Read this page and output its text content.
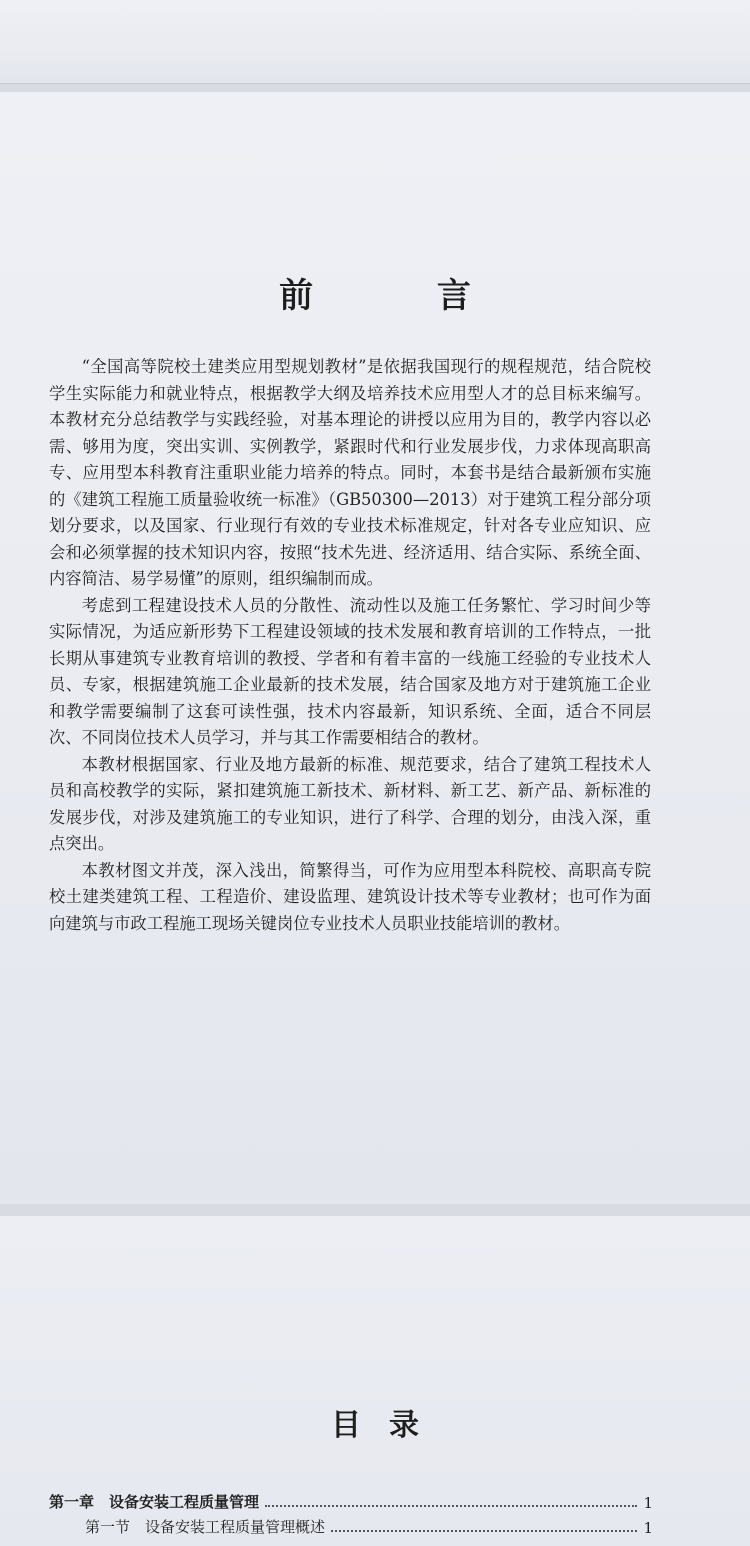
前 言

“全国高等院校土建类应用型规划教材”是依据我国现行的规程规范，结合院校学生实际能力和就业特点，根据教学大纲及培养技术应用型人才的总目标来编写。本教材充分总结教学与实践经验，对基本理论的讲授以应用为目的，教学内容以必需、够用为度，突出实训、实例教学，紧跟时代和行业发展步伐，力求体现高职高专、应用型本科教育注重职业能力培养的特点。同时，本套书是结合最新颁布实施的《建筑工程施工质量验收统一标准》（GB50300—2013）对于建筑工程分部分项划分要求，以及国家、行业现行有效的专业技术标准规定，针对各专业应知识、应会和必须掌握的技术知识内容，按照“技术先进、经济适用、结合实际、系统全面、内容简洁、易学易懂”的原则，组织编制而成。

考虑到工程建设技术人员的分散性、流动性以及施工任务繁忙、学习时间少等实际情况，为适应新形势下工程建设领域的技术发展和教育培训的工作特点，一批长期从事建筑专业教育培训的教授、学者和有着丰富的一线施工经验的专业技术人员、专家，根据建筑施工企业最新的技术发展，结合国家及地方对于建筑施工企业和教学需要编制了这套可读性强，技术内容最新，知识系统、全面，适合不同层次、不同岗位技术人员学习，并与其工作需要相结合的教材。

本教材根据国家、行业及地方最新的标准、规范要求，结合了建筑工程技术人员和高校教学的实际，紧扣建筑施工新技术、新材料、新工艺、新产品、新标准的发展步伐，对涉及建筑施工的专业知识，进行了科学、合理的划分，由浅入深，重点突出。

本教材图文并茂，深入浅出，简繁得当，可作为应用型本科院校、高职高专院校土建类建筑工程、工程造价、建设监理、建筑设计技术等专业教材；也可作为面向建筑与市政工程施工现场关键岗位专业技术人员职业技能培训的教材。

目录
第一章　设备安装工程质量管理	1
第一节　设备安装工程质量管理概述	1
